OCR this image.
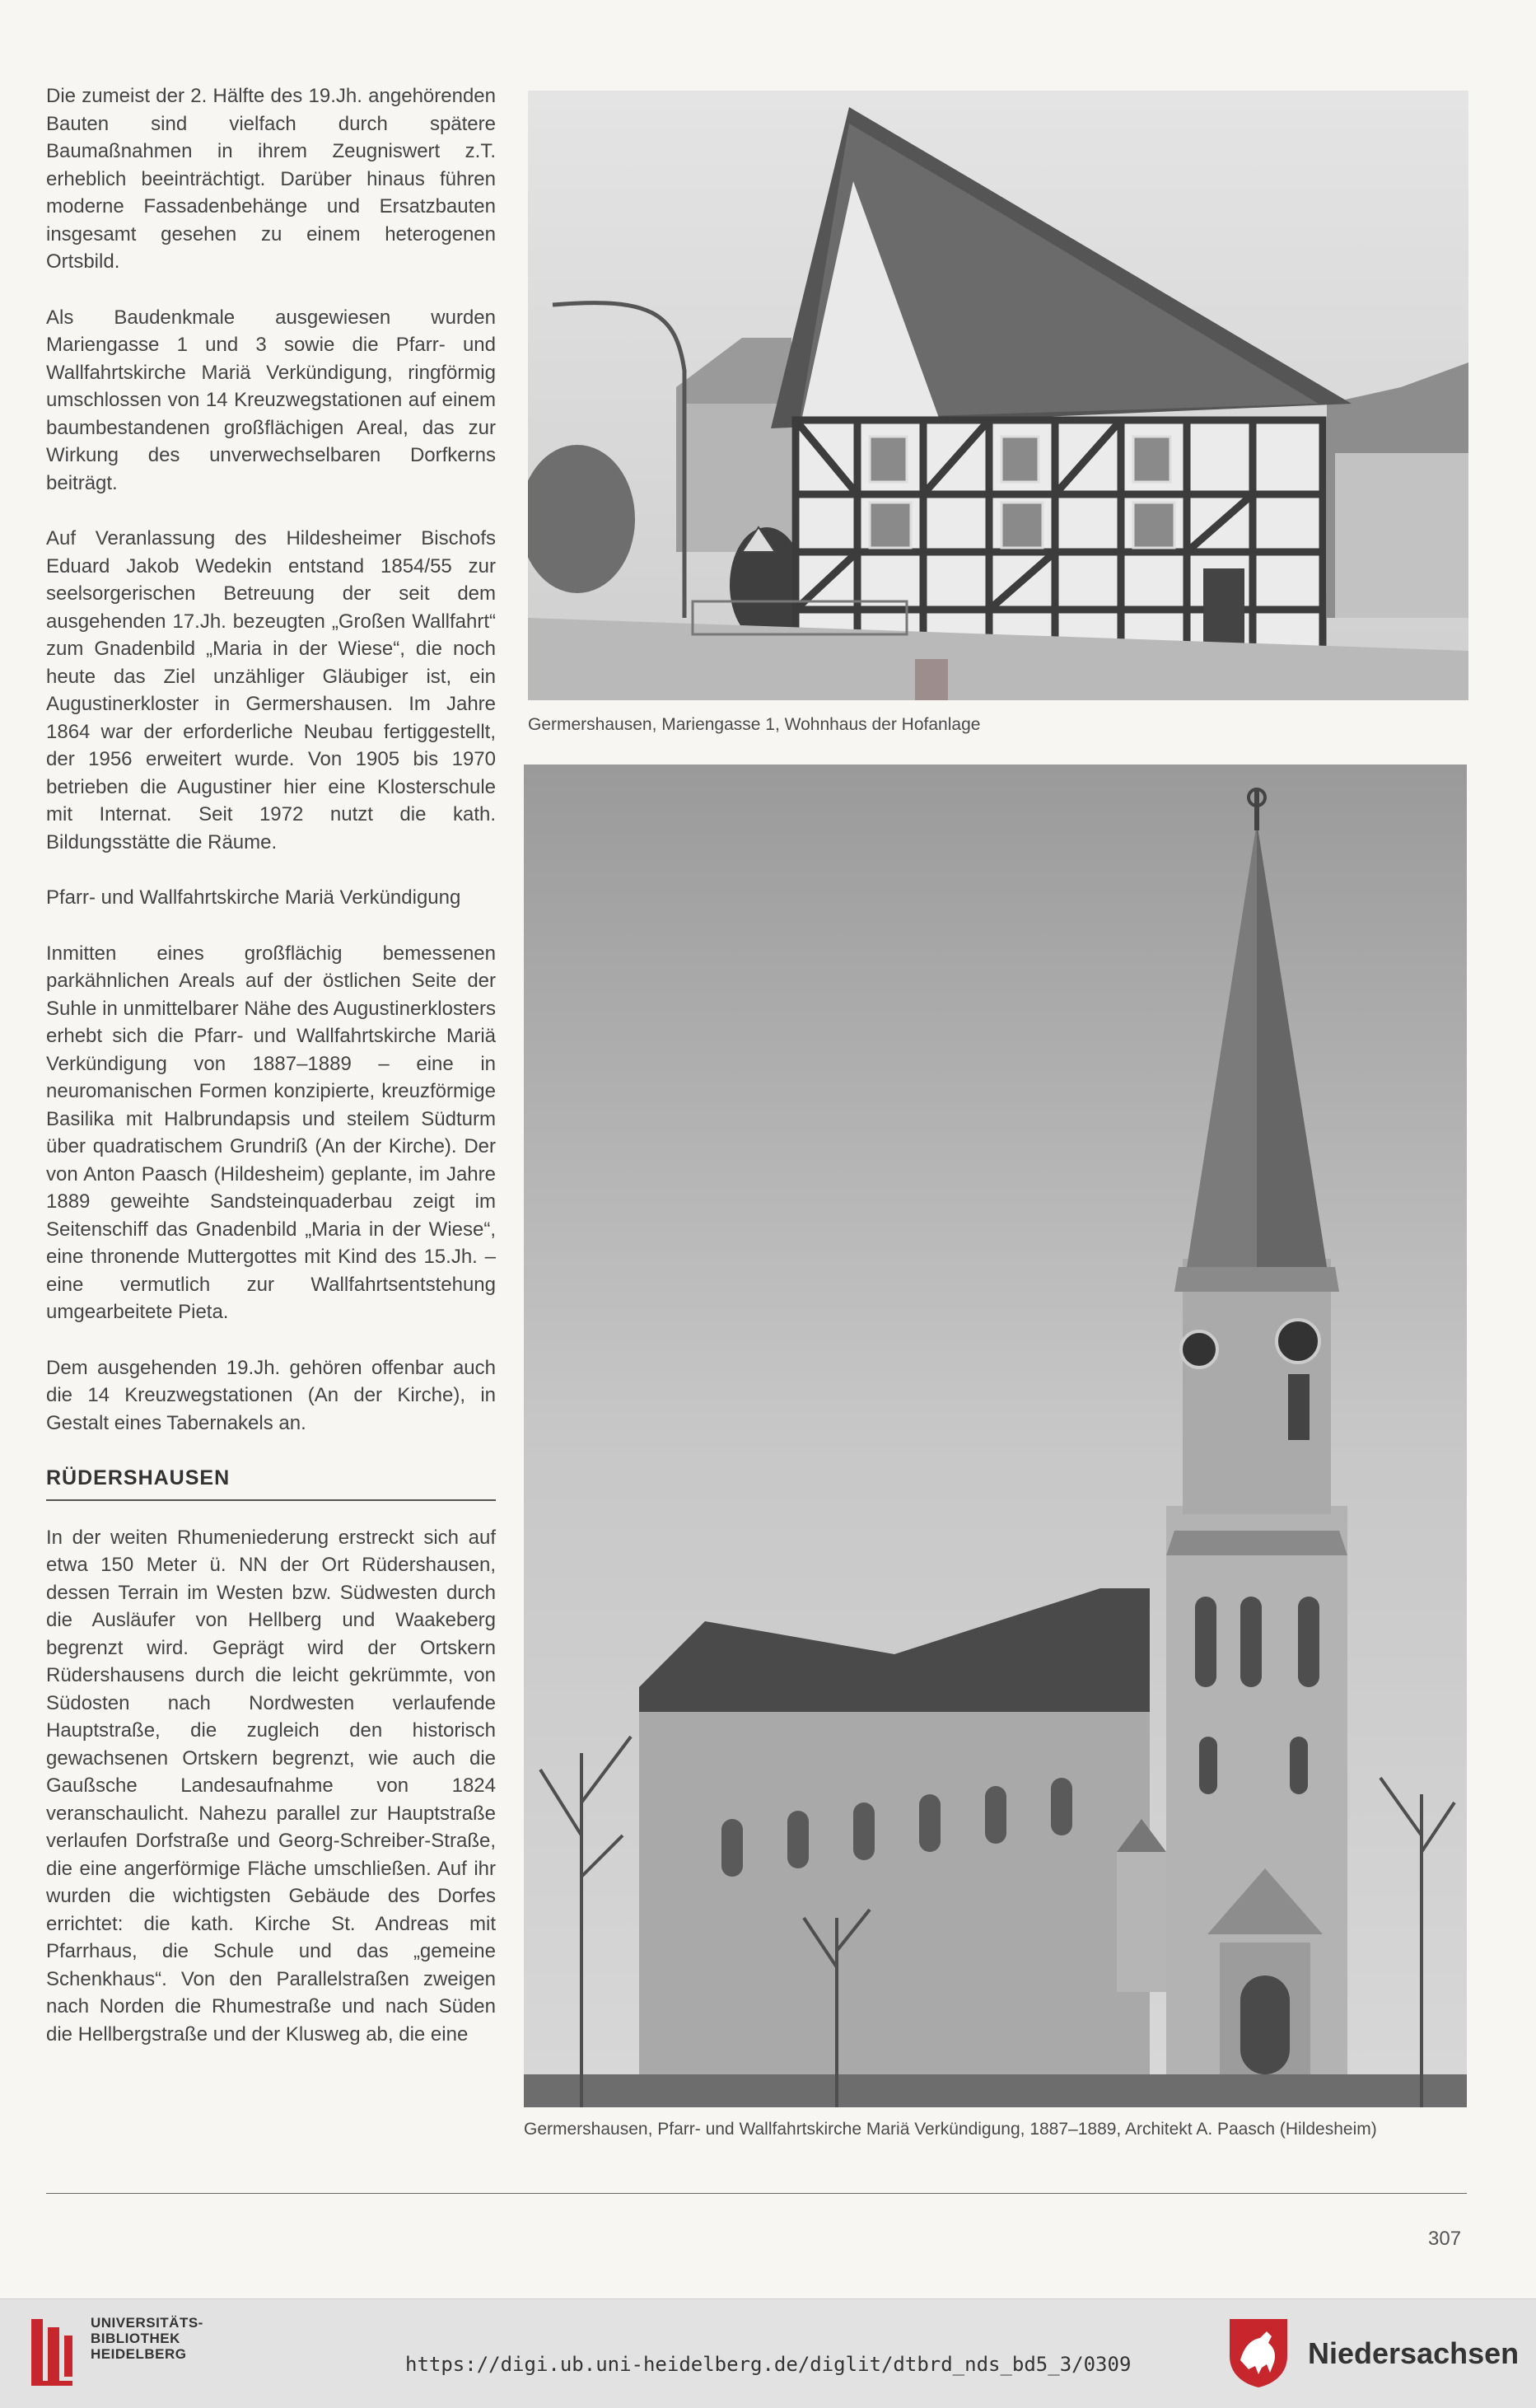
Die zumeist der 2. Hälfte des 19.Jh. angehörenden Bauten sind vielfach durch spätere Baumaßnahmen in ihrem Zeugniswert z.T. erheblich beeinträchtigt. Darüber hinaus führen moderne Fassadenbehänge und Ersatzbauten insgesamt gesehen zu einem heterogenen Ortsbild.

Als Baudenkmale ausgewiesen wurden Mariengasse 1 und 3 sowie die Pfarr- und Wallfahrtskirche Mariä Verkündigung, ringförmig umschlossen von 14 Kreuzwegstationen auf einem baumbestandenen großflächigen Areal, das zur Wirkung des unverwechselbaren Dorfkerns beiträgt.

Auf Veranlassung des Hildesheimer Bischofs Eduard Jakob Wedekin entstand 1854/55 zur seelsorgerischen Betreuung der seit dem ausgehenden 17.Jh. bezeugten „Großen Wallfahrt“ zum Gnadenbild „Maria in der Wiese“, die noch heute das Ziel unzähliger Gläubiger ist, ein Augustinerkloster in Germershausen. Im Jahre 1864 war der erforderliche Neubau fertiggestellt, der 1956 erweitert wurde. Von 1905 bis 1970 betrieben die Augustiner hier eine Klosterschule mit Internat. Seit 1972 nutzt die kath. Bildungsstätte die Räume.

Pfarr- und Wallfahrtskirche Mariä Verkündigung

Inmitten eines großflächig bemessenen parkähnlichen Areals auf der östlichen Seite der Suhle in unmittelbarer Nähe des Augustinerklosters erhebt sich die Pfarr- und Wallfahrtskirche Mariä Verkündigung von 1887–1889 – eine in neuromanischen Formen konzipierte, kreuzförmige Basilika mit Halbrundapsis und steilem Südturm über quadratischem Grundriß (An der Kirche). Der von Anton Paasch (Hildesheim) geplante, im Jahre 1889 geweihte Sandsteinquaderbau zeigt im Seitenschiff das Gnadenbild „Maria in der Wiese“, eine thronende Muttergottes mit Kind des 15.Jh. – eine vermutlich zur Wallfahrtsentstehung umgearbeitete Pieta.

Dem ausgehenden 19.Jh. gehören offenbar auch die 14 Kreuzwegstationen (An der Kirche), in Gestalt eines Tabernakels an.

RÜDERSHAUSEN

In der weiten Rhumeniederung erstreckt sich auf etwa 150 Meter ü. NN der Ort Rüdershausen, dessen Terrain im Westen bzw. Südwesten durch die Ausläufer von Hellberg und Waakeberg begrenzt wird. Geprägt wird der Ortskern Rüdershausens durch die leicht gekrümmte, von Südosten nach Nordwesten verlaufende Hauptstraße, die zugleich den historisch gewachsenen Ortskern begrenzt, wie auch die Gaußsche Landesaufnahme von 1824 veranschaulicht. Nahezu parallel zur Hauptstraße verlaufen Dorfstraße und Georg-Schreiber-Straße, die eine angerförmige Fläche umschließen. Auf ihr wurden die wichtigsten Gebäude des Dorfes errichtet: die kath. Kirche St. Andreas mit Pfarrhaus, die Schule und das „gemeine Schenkhaus“. Von den Parallelstraßen zweigen nach Norden die Rhumestraße und nach Süden die Hellbergstraße und der Klusweg ab, die eine

Germershausen, Mariengasse 1, Wohnhaus der Hofanlage
Germershausen, Pfarr- und Wallfahrtskirche Mariä Verkündigung, 1887–1889, Architekt A. Paasch (Hildesheim)
307
UNIVERSITÄTS-
BIBLIOTHEK
HEIDELBERG	https://digi.ub.uni-heidelberg.de/diglit/dtbrd_nds_bd5_3/0309	Niedersachsen
